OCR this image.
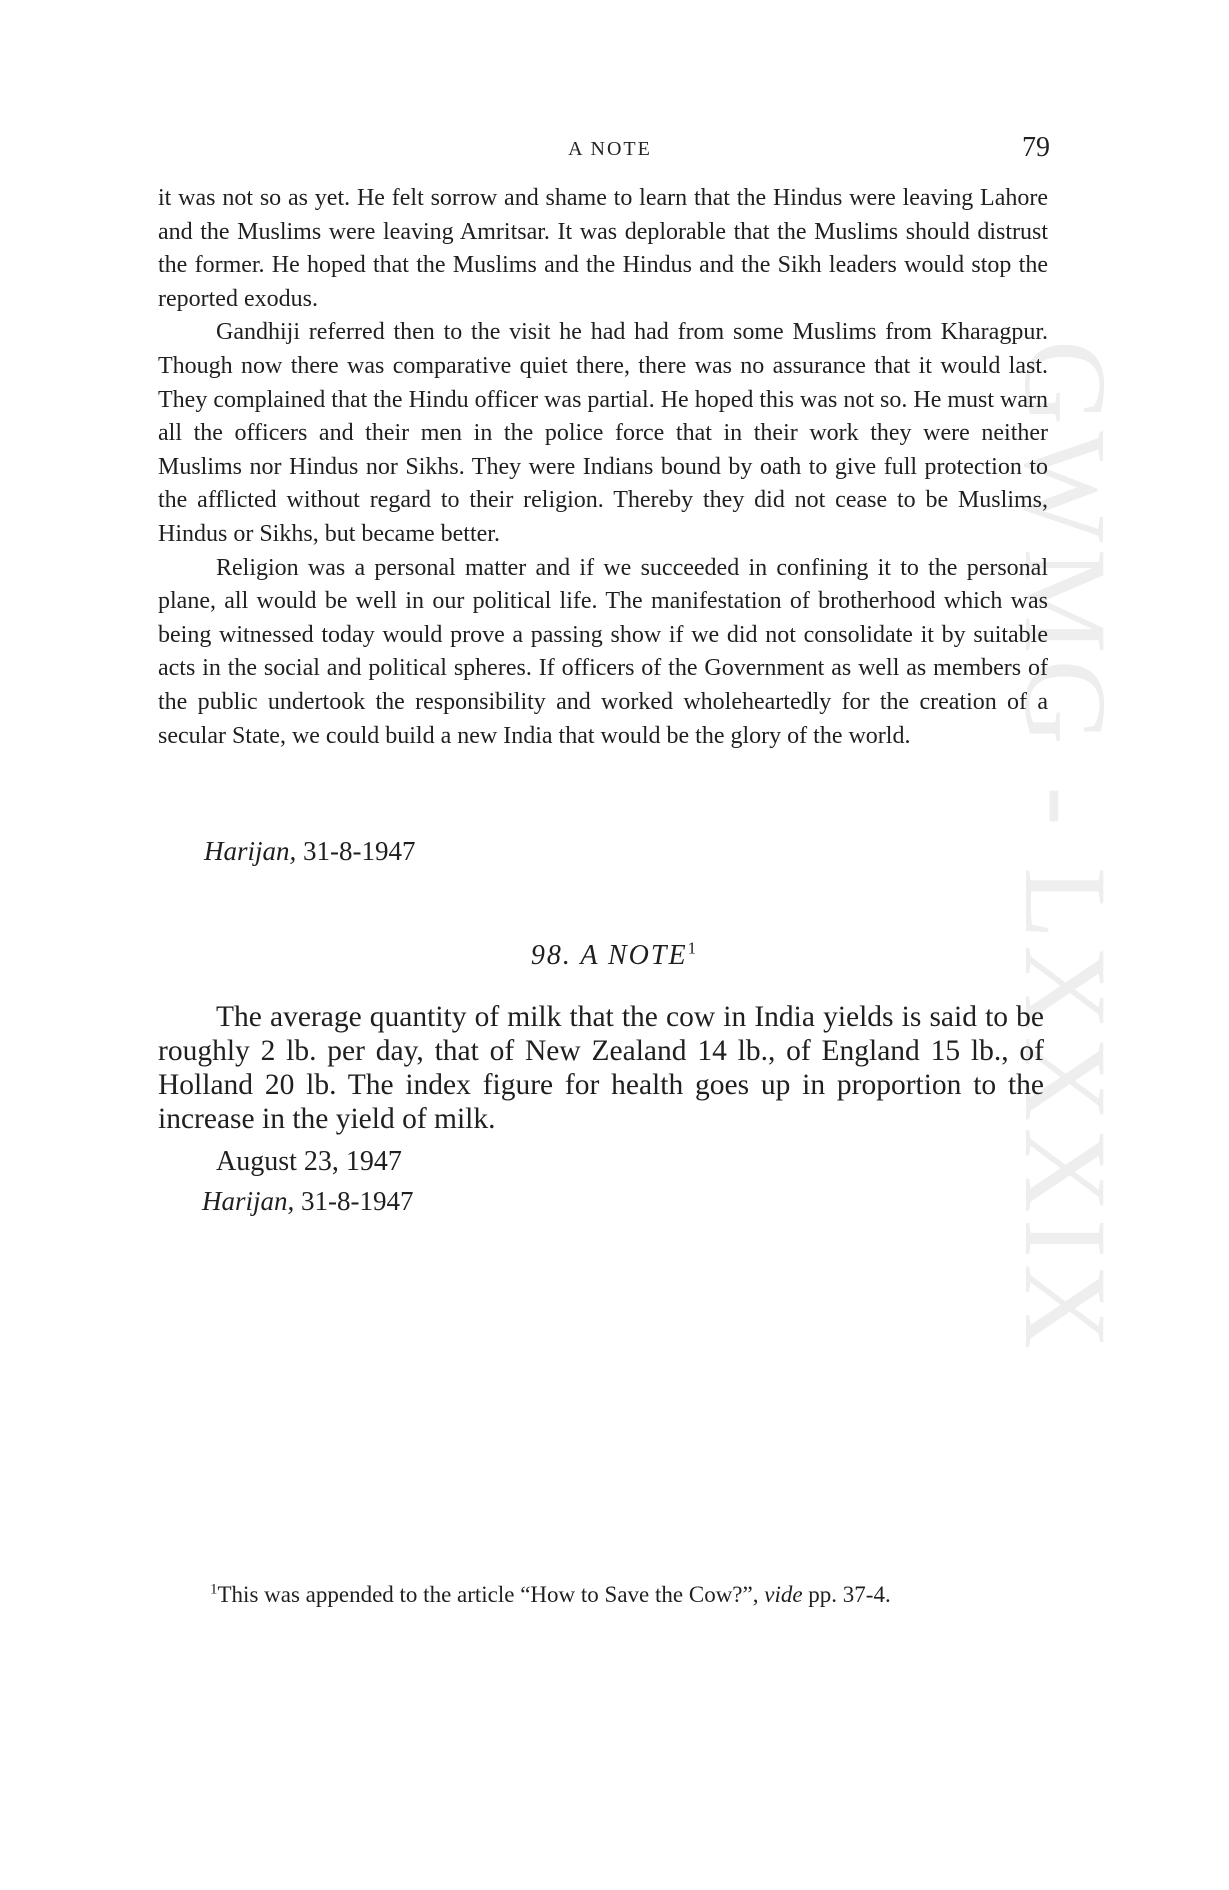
GWMG - LXXXIX
A NOTE	79

it was not so as yet. He felt sorrow and shame to learn that the Hindus were leaving Lahore and the Muslims were leaving Amritsar. It was deplorable that the Muslims should distrust the former. He hoped that the Muslims and the Hindus and the Sikh leaders would stop the reported exodus.

Gandhiji referred then to the visit he had had from some Muslims from Kharagpur. Though now there was comparative quiet there, there was no assurance that it would last. They complained that the Hindu officer was partial. He hoped this was not so. He must warn all the officers and their men in the police force that in their work they were neither Muslims nor Hindus nor Sikhs. They were Indians bound by oath to give full protection to the afflicted without regard to their religion. Thereby they did not cease to be Muslims, Hindus or Sikhs, but became better.

Religion was a personal matter and if we succeeded in confining it to the personal plane, all would be well in our political life. The manifestation of brotherhood which was being witnessed today would prove a passing show if we did not consolidate it by suitable acts in the social and political spheres. If officers of the Government as well as members of the public undertook the responsibility and worked wholeheartedly for the creation of a secular State, we could build a new India that would be the glory of the world.

Harijan, 31-8-1947
98. A NOTE$^1$

The average quantity of milk that the cow in India yields is said to be roughly 2 lb. per day, that of New Zealand 14 lb., of England 15 lb., of Holland 20 lb. The index figure for health goes up in proportion to the increase in the yield of milk.

August 23, 1947
Harijan, 31-8-1947

$^1$This was appended to the article “How to Save the Cow?”, vide pp. 37-4.
